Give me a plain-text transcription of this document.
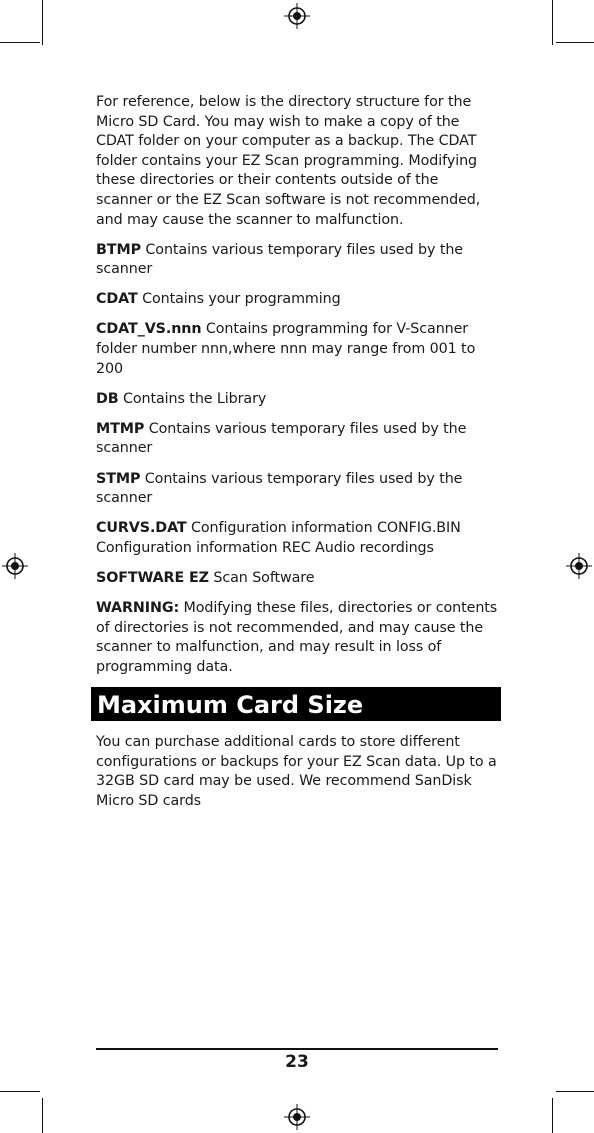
For reference, below is the directory structure for the Micro SD Card. You may wish to make a copy of the CDAT folder on your computer as a backup. The CDAT folder contains your EZ Scan programming. Modifying these directories or their contents outside of the scanner or the EZ Scan software is not recommended, and may cause the scanner to malfunction.

BTMP Contains various temporary files used by the scanner

CDAT Contains your programming

CDAT_VS.nnn Contains programming for V-Scanner folder number nnn,where nnn may range from 001 to 200

DB Contains the Library

MTMP Contains various temporary files used by the scanner

STMP Contains various temporary files used by the scanner

CURVS.DAT Configuration information CONFIG.BIN Configuration information REC Audio recordings

SOFTWARE EZ Scan Software

WARNING: Modifying these files, directories or contents of directories is not recommended, and may cause the scanner to malfunction, and may result in loss of programming data.

Maximum Card Size
You can purchase additional cards to store different configurations or backups for your EZ Scan data. Up to a 32GB SD card may be used. We recommend SanDisk Micro SD cards
23
